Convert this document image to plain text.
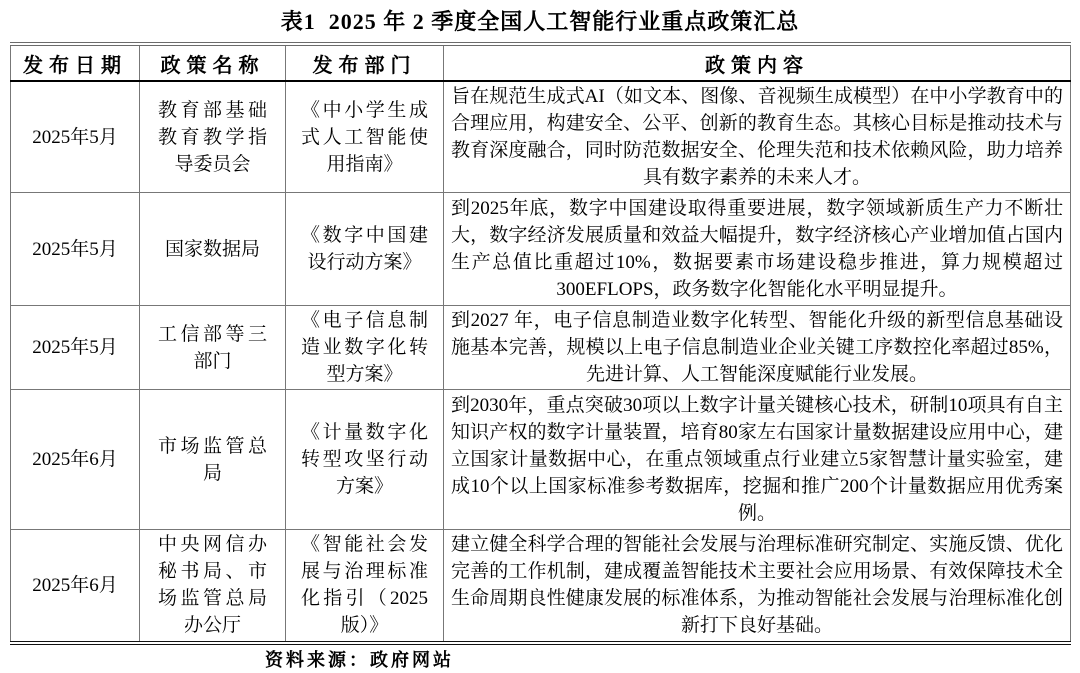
表1  2025 年 2 季度全国人工智能行业重点政策汇总
发布日期	政策名称	发布部门	政策内容
2025年5月	教育部基础教育教学指导委员会	《中小学生成式人工智能使用指南》	旨在规范生成式AI（如文本、图像、音视频生成模型）在中小学教育中的合理应用，构建安全、公平、创新的教育生态。其核心目标是推动技术与教育深度融合，同时防范数据安全、伦理失范和技术依赖风险，助力培养具有数字素养的未来人才。
2025年5月	国家数据局	《数字中国建设行动方案》	到2025年底，数字中国建设取得重要进展，数字领域新质生产力不断壮大，数字经济发展质量和效益大幅提升，数字经济核心产业增加值占国内生产总值比重超过10%，数据要素市场建设稳步推进，算力规模超过300EFLOPS，政务数字化智能化水平明显提升。
2025年5月	工信部等三部门	《电子信息制造业数字化转型方案》	到2027 年，电子信息制造业数字化转型、智能化升级的新型信息基础设施基本完善，规模以上电子信息制造业企业关键工序数控化率超过85%，先进计算、人工智能深度赋能行业发展。
2025年6月	市场监管总局	《计量数字化转型攻坚行动方案》	到2030年，重点突破30项以上数字计量关键核心技术，研制10项具有自主知识产权的数字计量装置，培育80家左右国家计量数据建设应用中心，建立国家计量数据中心，在重点领域重点行业建立5家智慧计量实验室，建成10个以上国家标准参考数据库，挖掘和推广200个计量数据应用优秀案例。
2025年6月	中央网信办秘书局、市场监管总局办公厅	《智能社会发展与治理标准化指引（2025版）》	建立健全科学合理的智能社会发展与治理标准研究制定、实施反馈、优化完善的工作机制，建成覆盖智能技术主要社会应用场景、有效保障技术全生命周期良性健康发展的标准体系，为推动智能社会发展与治理标准化创新打下良好基础。
资料来源：政府网站
